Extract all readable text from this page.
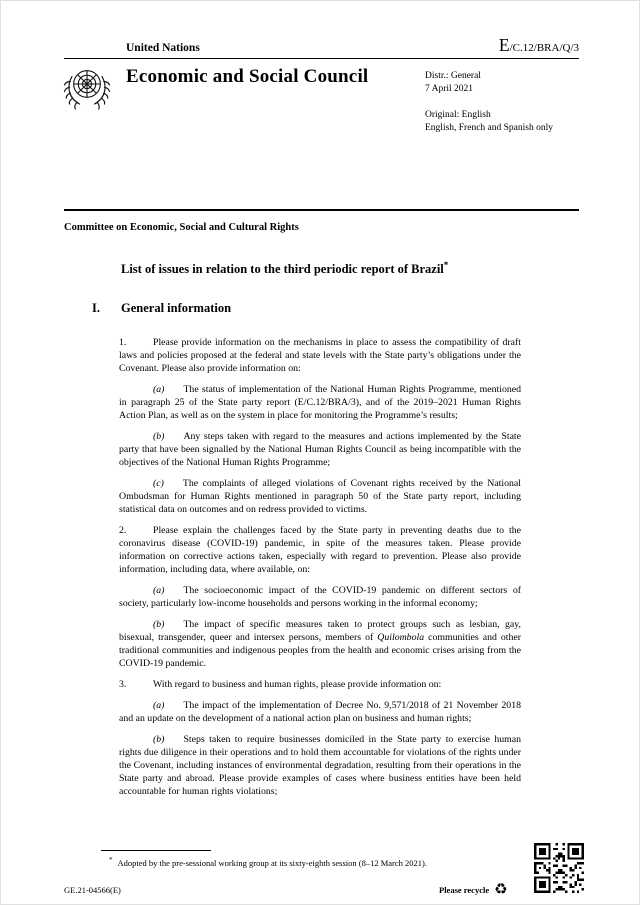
United Nations	E/C.12/BRA/Q/3
Economic and Social Council	Distr.: General
7 April 2021
Original: English
English, French and Spanish only
Committee on Economic, Social and Cultural Rights
List of issues in relation to the third periodic report of Brazil*
I.	General information

1.	Please provide information on the mechanisms in place to assess the compatibility of draft laws and policies proposed at the federal and state levels with the State party’s obligations under the Covenant. Please also provide information on:

(a) The status of implementation of the National Human Rights Programme, mentioned in paragraph 25 of the State party report (E/C.12/BRA/3), and of the 2019–2021 Human Rights Action Plan, as well as on the system in place for monitoring the Programme’s results;

(b) Any steps taken with regard to the measures and actions implemented by the State party that have been signalled by the National Human Rights Council as being incompatible with the objectives of the National Human Rights Programme;

(c) The complaints of alleged violations of Covenant rights received by the National Ombudsman for Human Rights mentioned in paragraph 50 of the State party report, including statistical data on outcomes and on redress provided to victims.

2.	Please explain the challenges faced by the State party in preventing deaths due to the coronavirus disease (COVID-19) pandemic, in spite of the measures taken. Please provide information on corrective actions taken, especially with regard to prevention. Please also provide information, including data, where available, on:

(a) The socioeconomic impact of the COVID-19 pandemic on different sectors of society, particularly low-income households and persons working in the informal economy;

(b) The impact of specific measures taken to protect groups such as lesbian, gay, bisexual, transgender, queer and intersex persons, members of Quilombola communities and other traditional communities and indigenous peoples from the health and economic crises arising from the COVID-19 pandemic.

3.	With regard to business and human rights, please provide information on:

(a) The impact of the implementation of Decree No. 9,571/2018 of 21 November 2018 and an update on the development of a national action plan on business and human rights;

(b) Steps taken to require businesses domiciled in the State party to exercise human rights due diligence in their operations and to hold them accountable for violations of the rights under the Covenant, including instances of environmental degradation, resulting from their operations in the State party and abroad. Please provide examples of cases where business entities have been held accountable for human rights violations;

* Adopted by the pre-sessional working group at its sixty-eighth session (8–12 March 2021).
GE.21-04566(E)	Please recycle ♻
